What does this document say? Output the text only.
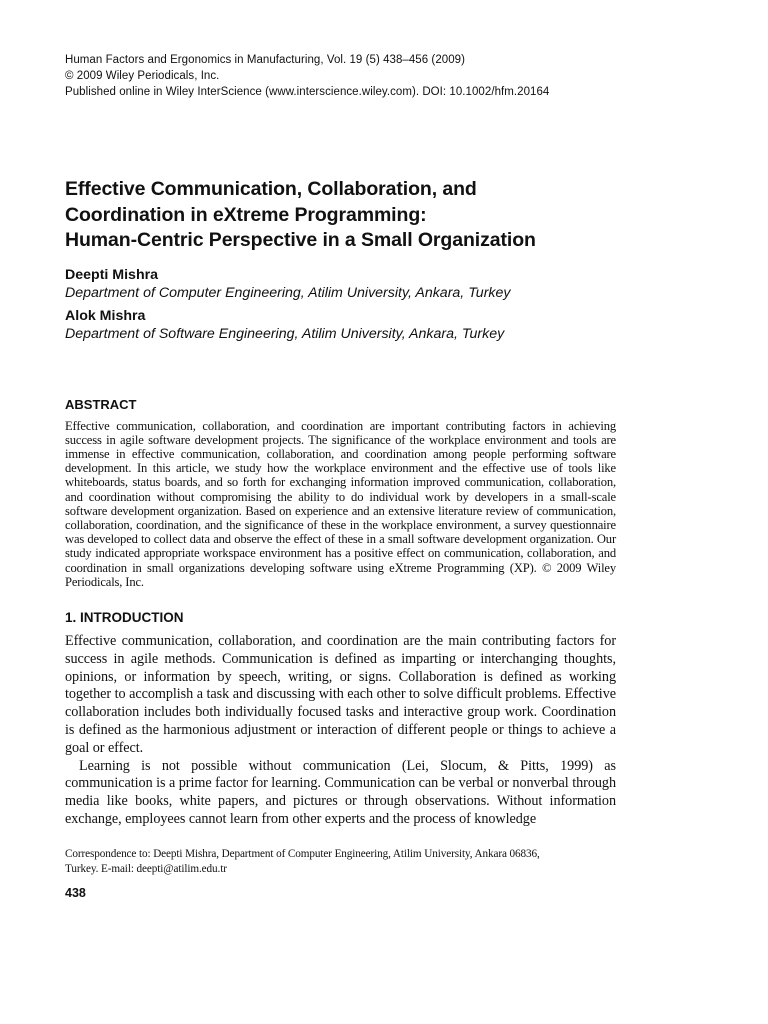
Human Factors and Ergonomics in Manufacturing, Vol. 19 (5) 438–456 (2009)
© 2009 Wiley Periodicals, Inc.
Published online in Wiley InterScience (www.interscience.wiley.com). DOI: 10.1002/hfm.20164
Effective Communication, Collaboration, and
Coordination in eXtreme Programming:
Human-Centric Perspective in a Small Organization
Deepti Mishra
Department of Computer Engineering, Atilim University, Ankara, Turkey
Alok Mishra
Department of Software Engineering, Atilim University, Ankara, Turkey
ABSTRACT

Effective communication, collaboration, and coordination are important contributing factors in achieving success in agile software development projects. The significance of the workplace environment and tools are immense in effective communication, collaboration, and coordination among people performing software development. In this article, we study how the workplace environment and the effective use of tools like whiteboards, status boards, and so forth for exchanging information improved communication, collaboration, and coordination without compromising the ability to do individual work by developers in a small-scale software development organization. Based on experience and an extensive literature review of communication, collaboration, coordination, and the significance of these in the workplace environment, a survey questionnaire was developed to collect data and observe the effect of these in a small software development organization. Our study indicated appropriate workspace environment has a positive effect on communication, collaboration, and coordination in small organizations developing software using eXtreme Programming (XP). © 2009 Wiley Periodicals, Inc.

1. INTRODUCTION

Effective communication, collaboration, and coordination are the main contributing factors for success in agile methods. Communication is defined as imparting or interchanging thoughts, opinions, or information by speech, writing, or signs. Collaboration is defined as working together to accomplish a task and discussing with each other to solve difficult problems. Effective collaboration includes both individually focused tasks and interactive group work. Coordination is defined as the harmonious adjustment or interaction of different people or things to achieve a goal or effect.

Learning is not possible without communication (Lei, Slocum, & Pitts, 1999) as communication is a prime factor for learning. Communication can be verbal or nonverbal through media like books, white papers, and pictures or through observations. Without information exchange, employees cannot learn from other experts and the process of knowledge

Correspondence to: Deepti Mishra, Department of Computer Engineering, Atilim University, Ankara 06836,
Turkey. E-mail: deepti@atilim.edu.tr
438
